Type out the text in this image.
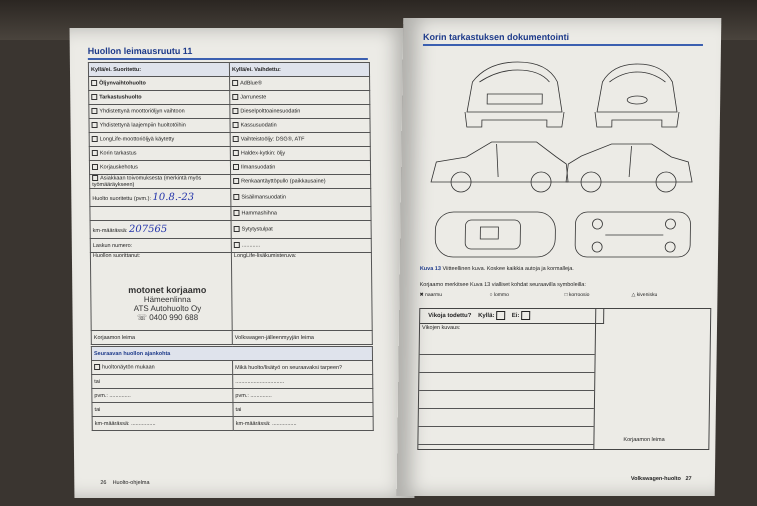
Huollon leimausruutu 11
Kyllä/ei. Suoritettu:	Kyllä/ei. Vaihdettu:
Öljynvaihtohuolto	AdBlue®
Tarkastushuolto	Jarruneste
Yhdistettynä moottoriöljyn vaihtoon	Dieselpolttoainesuodatin
Yhdistettynä laajempiin huoltotöihin	Kassusuodatin
LongLife-moottoriöljyä käytetty	Vaihteistoöljy: DSG®, ATF
Korin tarkastus	Haldex-kytkin: öljy
Korjauskehotus	Ilmansuodatin
Asiakkaan toivomuksesta (merkintä myös työmääräykseen)	Renkaantäyttöpullo (paikkausaine)
Huolto suoritettu (pvm.): 10.8.-23	Sisäilmansuodatin
	Hammashihna
km-määrässä: 207565	Sytytystulpat
Laskun numero:	............

Huollon suorittanut:	LongLife-lisäkumisteruva:

Korjaamon leima	Volkswagen-jälleenmyyjän leima
motonet korjaamo
Hämeenlinna
ATS Autohuolto Oy
☏ 0400 990 688
Seuraavan huollon ajankohta	
huoltonäytön mukaan	Mikä huolto/lisätyö on seuraavaksi tarpeen?
tai	................................
pvm.: ..............	pvm.: ..............
tai	tai
km-määrässä: ................	km-määrässä: ................
26 Huolto-ohjelma
Korin tarkastuksen dokumentointi
Kuva 13 Viitteellinen kuva. Koskee kaikkia autoja ja kormalleja.
Korjaamo merkitsee Kuva 13 vialliset kohdat seuraavilla symboleilla:
✖ naarmu	○ lommo	□ korroosio	△ kivenisku
Vikoja todettu? Kyllä:	Ei:
Vikojen kuvaus:
Korjaamon leima
Volkswagen-huolto 27
